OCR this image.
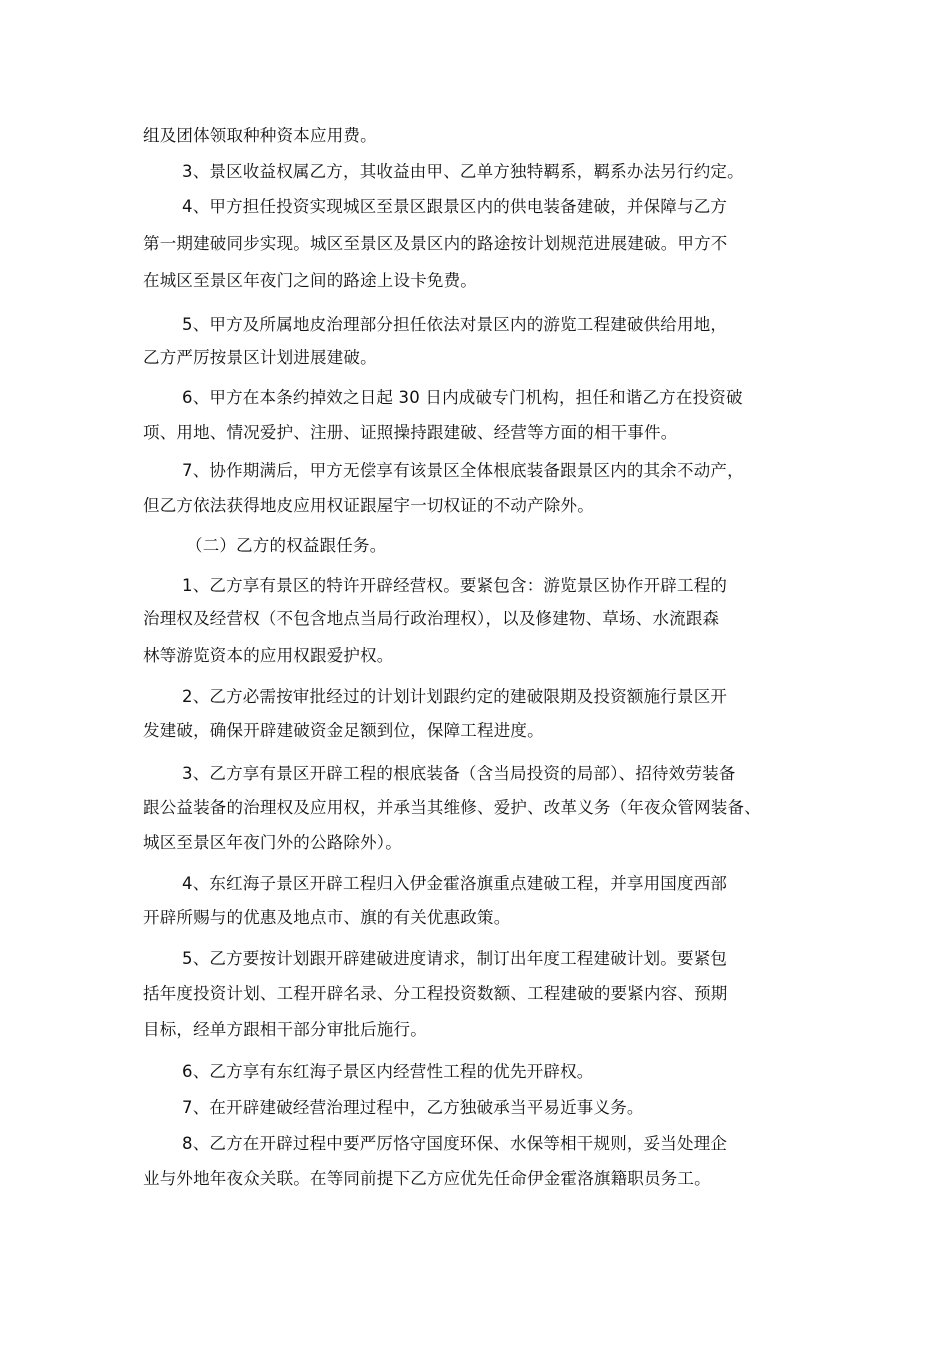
组及团体领取种种资本应用费。
3、景区收益权属乙方，其收益由甲、乙单方独特羁系，羁系办法另行约定。
4、甲方担任投资实现城区至景区跟景区内的供电装备建破，并保障与乙方
第一期建破同步实现。城区至景区及景区内的路途按计划规范进展建破。甲方不
在城区至景区年夜门之间的路途上设卡免费。
5、甲方及所属地皮治理部分担任依法对景区内的游览工程建破供给用地，
乙方严厉按景区计划进展建破。
6、甲方在本条约掉效之日起 30 日内成破专门机构，担任和谐乙方在投资破
项、用地、情况爱护、注册、证照操持跟建破、经营等方面的相干事件。
7、协作期满后，甲方无偿享有该景区全体根底装备跟景区内的其余不动产，
但乙方依法获得地皮应用权证跟屋宇一切权证的不动产除外。
（二）乙方的权益跟任务。
1、乙方享有景区的特许开辟经营权。要紧包含：游览景区协作开辟工程的
治理权及经营权（不包含地点当局行政治理权），以及修建物、草场、水流跟森
林等游览资本的应用权跟爱护权。
2、乙方必需按审批经过的计划计划跟约定的建破限期及投资额施行景区开
发建破，确保开辟建破资金足额到位，保障工程进度。
3、乙方享有景区开辟工程的根底装备（含当局投资的局部）、招待效劳装备
跟公益装备的治理权及应用权，并承当其维修、爱护、改革义务（年夜众管网装备、
城区至景区年夜门外的公路除外）。
4、东红海子景区开辟工程归入伊金霍洛旗重点建破工程，并享用国度西部
开辟所赐与的优惠及地点市、旗的有关优惠政策。
5、乙方要按计划跟开辟建破进度请求，制订出年度工程建破计划。要紧包
括年度投资计划、工程开辟名录、分工程投资数额、工程建破的要紧内容、预期
目标，经单方跟相干部分审批后施行。
6、乙方享有东红海子景区内经营性工程的优先开辟权。
7、在开辟建破经营治理过程中，乙方独破承当平易近事义务。
8、乙方在开辟过程中要严厉恪守国度环保、水保等相干规则，妥当处理企
业与外地年夜众关联。在等同前提下乙方应优先任命伊金霍洛旗籍职员务工。
